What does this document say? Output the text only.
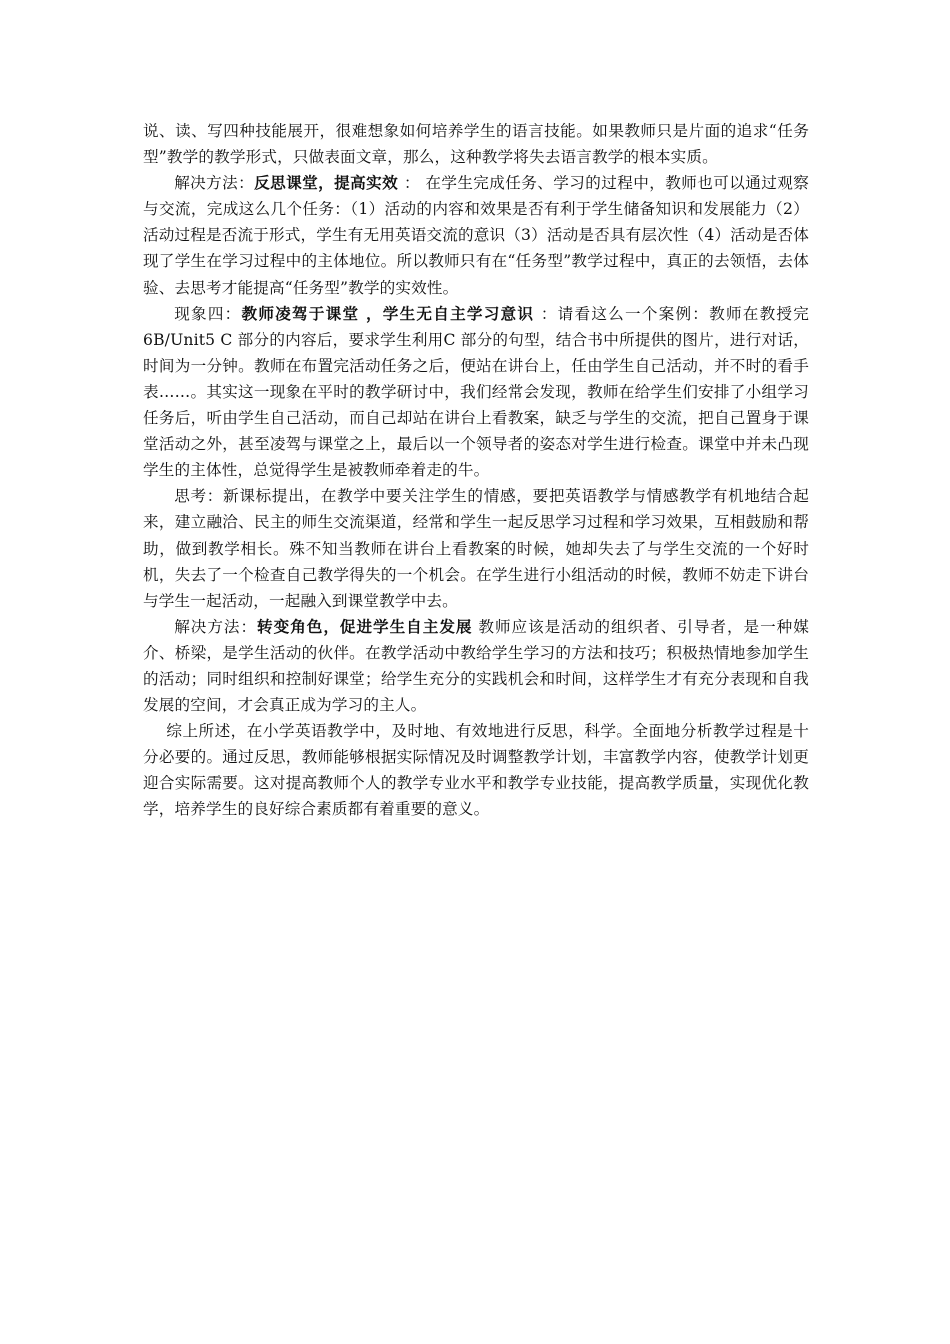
说、读、写四种技能展开，很难想象如何培养学生的语言技能。如果教师只是片面的追求“任务型”教学的教学形式，只做表面文章，那么，这种教学将失去语言教学的根本实质。

解决方法：反思课堂，提高实效 ： 在学生完成任务、学习的过程中，教师也可以通过观察与交流，完成这么几个任务：（1）活动的内容和效果是否有利于学生储备知识和发展能力（2）活动过程是否流于形式，学生有无用英语交流的意识（3）活动是否具有层次性（4）活动是否体现了学生在学习过程中的主体地位。所以教师只有在“任务型”教学过程中，真正的去领悟，去体验、去思考才能提高“任务型”教学的实效性。

现象四：教师凌驾于课堂 ，学生无自主学习意识 ：请看这么一个案例：教师在教授完6B/Unit5 C 部分的内容后，要求学生利用C 部分的句型，结合书中所提供的图片，进行对话，时间为一分钟。教师在布置完活动任务之后，便站在讲台上，任由学生自己活动，并不时的看手表……。其实这一现象在平时的教学研讨中，我们经常会发现，教师在给学生们安排了小组学习任务后，听由学生自己活动，而自己却站在讲台上看教案，缺乏与学生的交流，把自己置身于课堂活动之外，甚至凌驾与课堂之上，最后以一个领导者的姿态对学生进行检查。课堂中并未凸现学生的主体性，总觉得学生是被教师牵着走的牛。

思考：新课标提出，在教学中要关注学生的情感，要把英语教学与情感教学有机地结合起来，建立融洽、民主的师生交流渠道，经常和学生一起反思学习过程和学习效果，互相鼓励和帮助，做到教学相长。殊不知当教师在讲台上看教案的时候，她却失去了与学生交流的一个好时机，失去了一个检查自己教学得失的一个机会。在学生进行小组活动的时候，教师不妨走下讲台与学生一起活动，一起融入到课堂教学中去。

解决方法：转变角色，促进学生自主发展 教师应该是活动的组织者、引导者，是一种媒介、桥梁，是学生活动的伙伴。在教学活动中教给学生学习的方法和技巧；积极热情地参加学生的活动；同时组织和控制好课堂；给学生充分的实践机会和时间，这样学生才有充分表现和自我发展的空间，才会真正成为学习的主人。

综上所述，在小学英语教学中，及时地、有效地进行反思，科学。全面地分析教学过程是十分必要的。通过反思，教师能够根据实际情况及时调整教学计划，丰富教学内容，使教学计划更迎合实际需要。这对提高教师个人的教学专业水平和教学专业技能，提高教学质量，实现优化教学，培养学生的良好综合素质都有着重要的意义。
